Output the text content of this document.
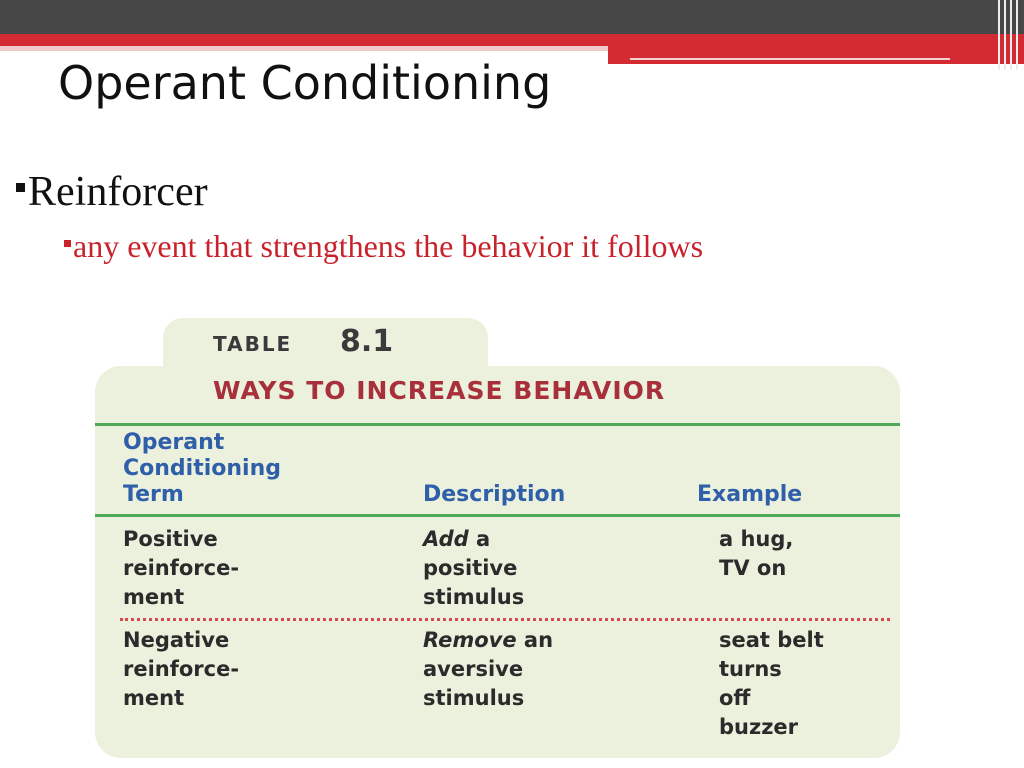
Operant Conditioning
Reinforcer
any event that strengthens the behavior it follows
TABLE 8.1
WAYS TO INCREASE BEHAVIOR
Operant
Conditioning
Term	Description	Example
Positive
reinforce-
ment
Add a
positive
stimulus
a hug,
TV on
Negative
reinforce-
ment
Remove an
aversive
stimulus
seat belt
turns
off
buzzer
